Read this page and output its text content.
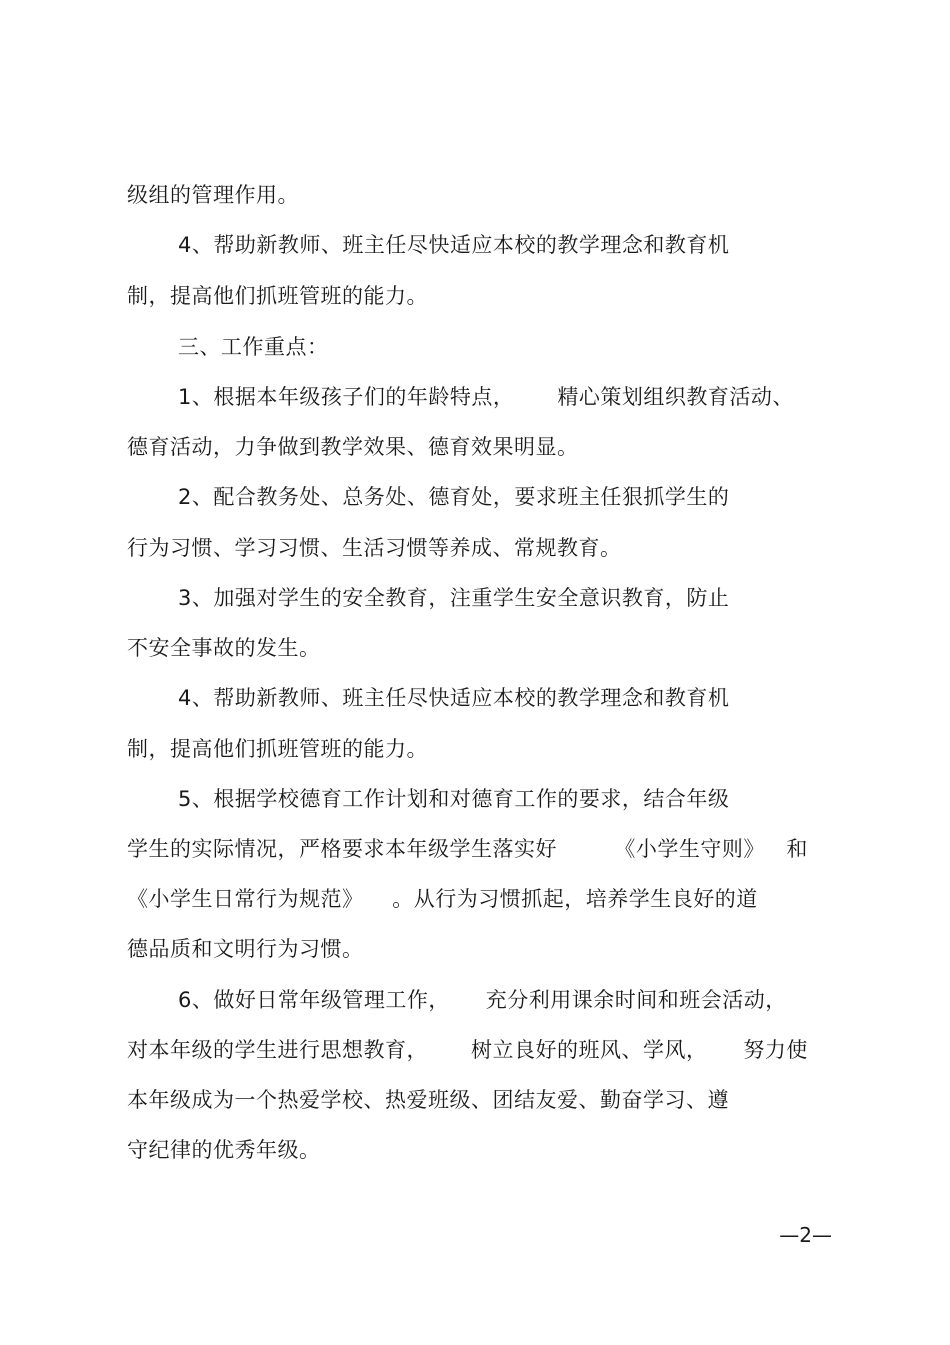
级组的管理作用。
4、帮助新教师、班主任尽快适应本校的教学理念和教育机
制，提高他们抓班管班的能力。
三、工作重点：
1、根据本年级孩子们的年龄特点，      精心策划组织教育活动、
德育活动，力争做到教学效果、德育效果明显。
2、配合教务处、总务处、德育处，要求班主任狠抓学生的
行为习惯、学习习惯、生活习惯等养成、常规教育。
3、加强对学生的安全教育，注重学生安全意识教育，防止
不安全事故的发生。
4、帮助新教师、班主任尽快适应本校的教学理念和教育机
制，提高他们抓班管班的能力。
5、根据学校德育工作计划和对德育工作的要求，结合年级
学生的实际情况，严格要求本年级学生落实好        《小学生守则》   和
《小学生日常行为规范》    。从行为习惯抓起，培养学生良好的道
德品质和文明行为习惯。
6、做好日常年级管理工作，     充分利用课余时间和班会活动，
对本年级的学生进行思想教育，      树立良好的班风、学风，     努力使
本年级成为一个热爱学校、热爱班级、团结友爱、勤奋学习、遵
守纪律的优秀年级。
—2—
